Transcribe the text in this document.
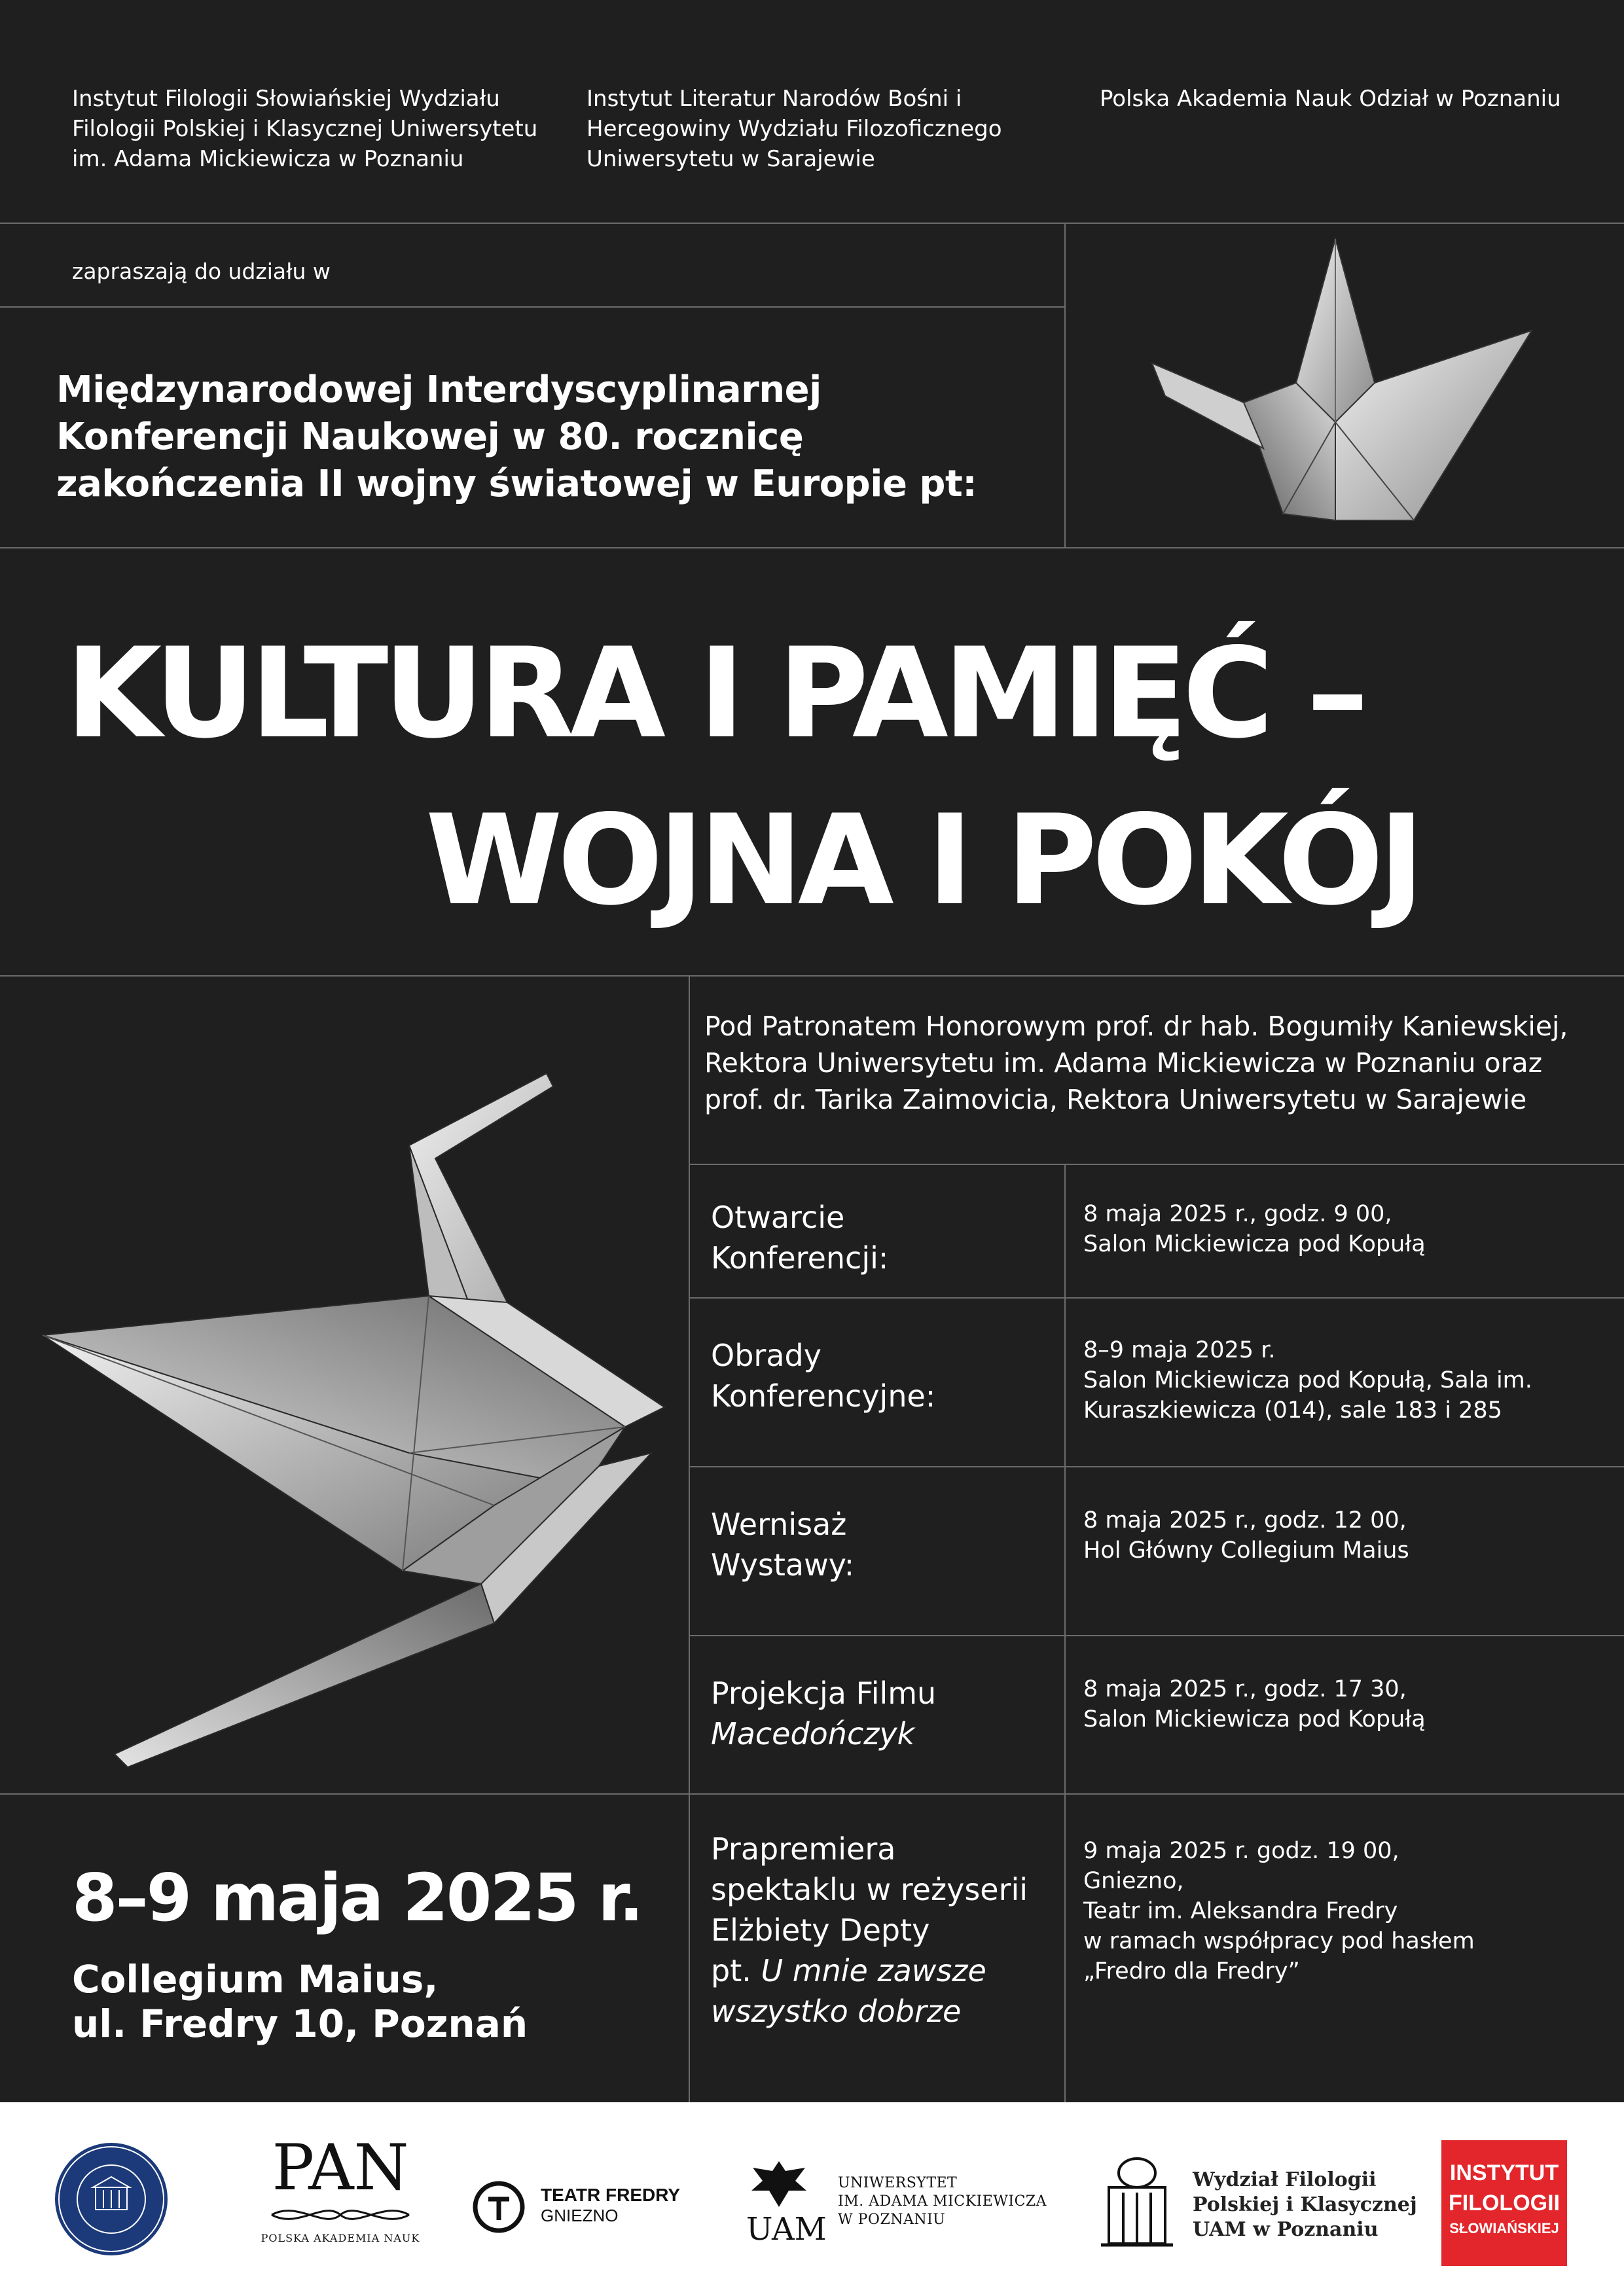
Instytut Filologii Słowiańskiej Wydziału
Filologii Polskiej i Klasycznej Uniwersytetu
im. Adama Mickiewicza w Poznaniu
Instytut Literatur Narodów Bośni i
Hercegowiny Wydziału Filozoficznego
Uniwersytetu w Sarajewie
Polska Akademia Nauk Odział w Poznaniu
zapraszają do udziału w
Międzynarodowej Interdyscyplinarnej
Konferencji Naukowej w 80. rocznicę
zakończenia II wojny światowej w Europie pt:
KULTURA I PAMIĘĆ –
WOJNA I POKÓJ
Pod Patronatem Honorowym prof. dr hab. Bogumiły Kaniewskiej,
Rektora Uniwersytetu im. Adama Mickiewicza w Poznaniu oraz
prof. dr. Tarika Zaimovicia, Rektora Uniwersytetu w Sarajewie
Otwarcie
Konferencji:
8 maja 2025 r., godz. 9 00,
Salon Mickiewicza pod Kopułą
Obrady
Konferencyjne:
8–9 maja 2025 r.
Salon Mickiewicza pod Kopułą, Sala im.
Kuraszkiewicza (014), sale 183 i 285
Wernisaż
Wystawy:
8 maja 2025 r., godz. 12 00,
Hol Główny Collegium Maius
Projekcja Filmu
Macedończyk
8 maja 2025 r., godz. 17 30,
Salon Mickiewicza pod Kopułą
Prapremiera
spektaklu w reżyserii
Elżbiety Depty
pt. U mnie zawsze
wszystko dobrze
9 maja 2025 r. godz. 19 00,
Gniezno,
Teatr im. Aleksandra Fredry
w ramach współpracy pod hasłem
„Fredro dla Fredry”
8–9 maja 2025 r.
Collegium Maius,
ul. Fredry 10, Poznań
PAN
POLSKA AKADEMIA NAUK
TEATR FREDRY
GNIEZNO	UAM
UNIWERSYTET
IM. ADAMA MICKIEWICZA
W POZNANIU
Wydział Filologii
Polskiej i Klasycznej
UAM w Poznaniu
INSTYTUT
FILOLOGII
SŁOWIAŃSKIEJ
